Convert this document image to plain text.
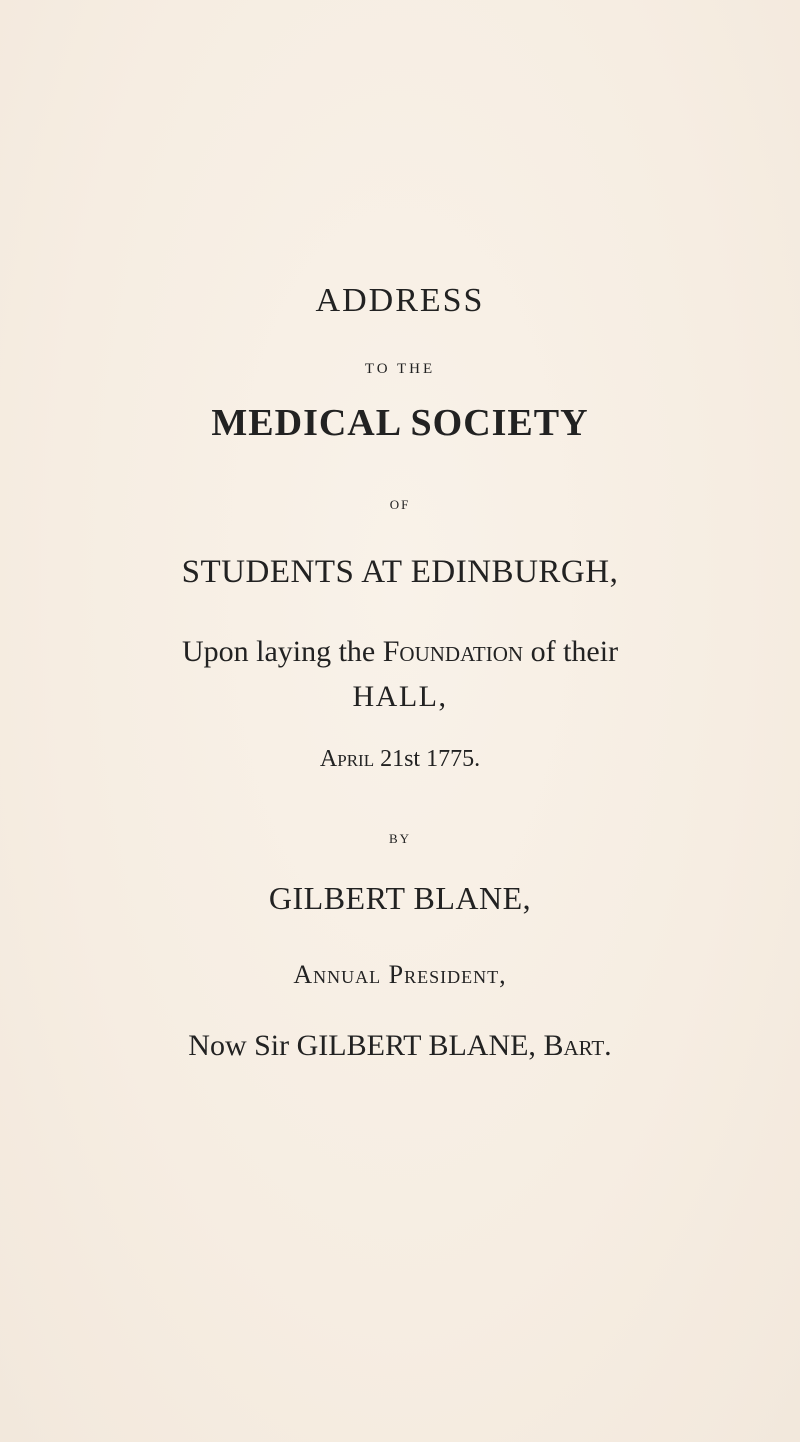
ADDRESS
TO THE
MEDICAL SOCIETY
OF
STUDENTS AT EDINBURGH,
Upon laying the Foundation of their
HALL,
April 21st 1775.
BY
GILBERT BLANE,
Annual President,
Now Sir GILBERT BLANE, Bart.
